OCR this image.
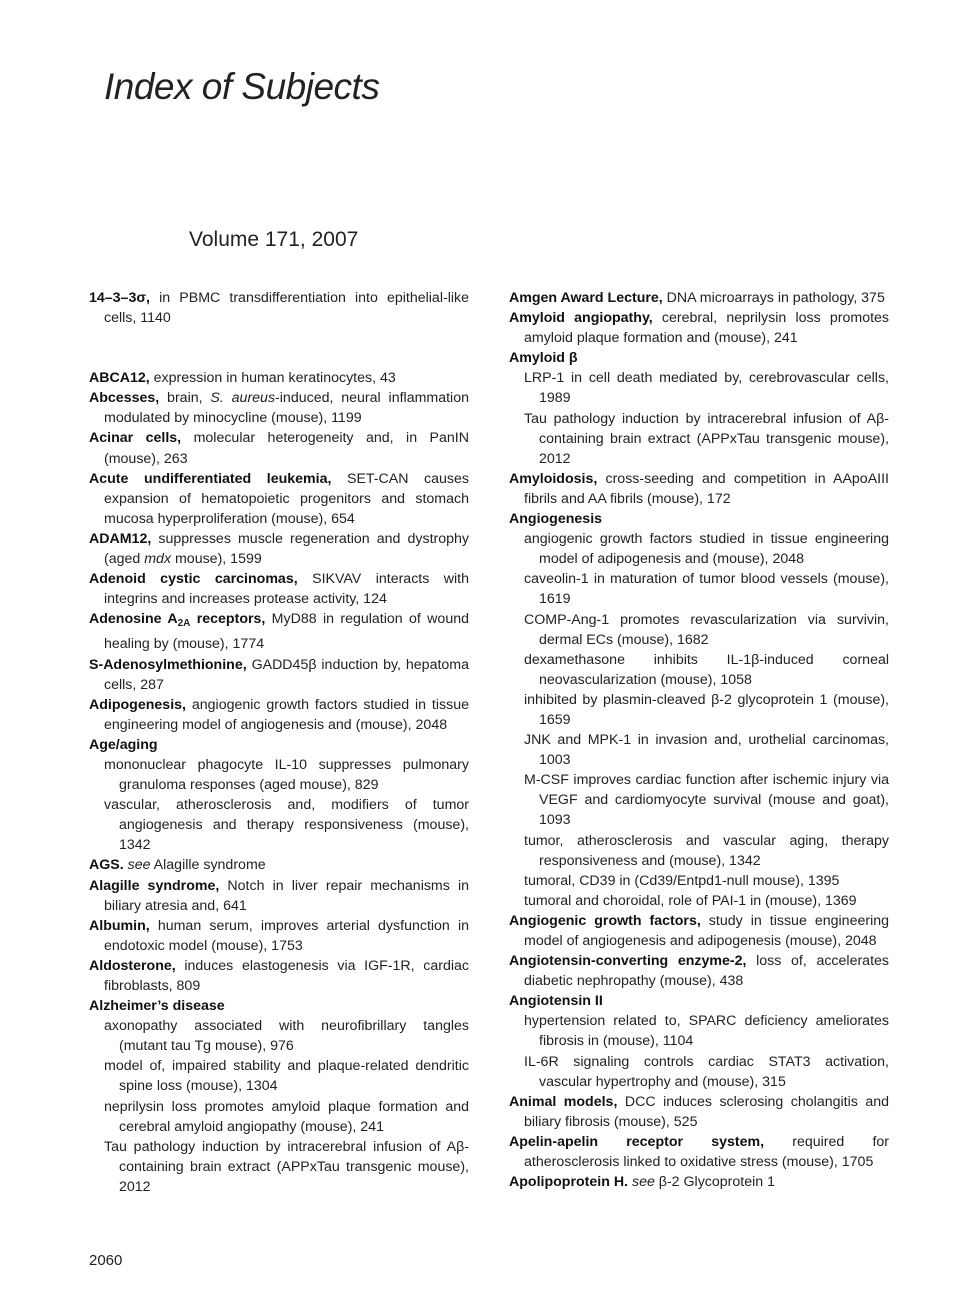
Index of Subjects
Volume 171, 2007
14–3–3σ, in PBMC transdifferentiation into epithelial-like cells, 1140
ABCA12, expression in human keratinocytes, 43
Abcesses, brain, S. aureus-induced, neural inflammation modulated by minocycline (mouse), 1199
Acinar cells, molecular heterogeneity and, in PanIN (mouse), 263
Acute undifferentiated leukemia, SET-CAN causes expansion of hematopoietic progenitors and stomach mucosa hyperproliferation (mouse), 654
ADAM12, suppresses muscle regeneration and dystrophy (aged mdx mouse), 1599
Adenoid cystic carcinomas, SIKVAV interacts with integrins and increases protease activity, 124
Adenosine $A_{2A}$ receptors, MyD88 in regulation of wound healing by (mouse), 1774
S-Adenosylmethionine, GADD45β induction by, hepatoma cells, 287
Adipogenesis, angiogenic growth factors studied in tissue engineering model of angiogenesis and (mouse), 2048
Age/aging
mononuclear phagocyte IL-10 suppresses pulmonary granuloma responses (aged mouse), 829
vascular, atherosclerosis and, modifiers of tumor angiogenesis and therapy responsiveness (mouse), 1342
AGS. see Alagille syndrome
Alagille syndrome, Notch in liver repair mechanisms in biliary atresia and, 641
Albumin, human serum, improves arterial dysfunction in endotoxic model (mouse), 1753
Aldosterone, induces elastogenesis via IGF-1R, cardiac fibroblasts, 809
Alzheimer’s disease
axonopathy associated with neurofibrillary tangles (mutant tau Tg mouse), 976
model of, impaired stability and plaque-related dendritic spine loss (mouse), 1304
neprilysin loss promotes amyloid plaque formation and cerebral amyloid angiopathy (mouse), 241
Tau pathology induction by intracerebral infusion of Aβ-containing brain extract (APPxTau transgenic mouse), 2012
Amgen Award Lecture, DNA microarrays in pathology, 375
Amyloid angiopathy, cerebral, neprilysin loss promotes amyloid plaque formation and (mouse), 241
Amyloid β
LRP-1 in cell death mediated by, cerebrovascular cells, 1989
Tau pathology induction by intracerebral infusion of Aβ-containing brain extract (APPxTau transgenic mouse), 2012
Amyloidosis, cross-seeding and competition in AApoAIII fibrils and AA fibrils (mouse), 172
Angiogenesis
angiogenic growth factors studied in tissue engineering model of adipogenesis and (mouse), 2048
caveolin-1 in maturation of tumor blood vessels (mouse), 1619
COMP-Ang-1 promotes revascularization via survivin, dermal ECs (mouse), 1682
dexamethasone inhibits IL-1β-induced corneal neovascularization (mouse), 1058
inhibited by plasmin-cleaved β-2 glycoprotein 1 (mouse), 1659
JNK and MPK-1 in invasion and, urothelial carcinomas, 1003
M-CSF improves cardiac function after ischemic injury via VEGF and cardiomyocyte survival (mouse and goat), 1093
tumor, atherosclerosis and vascular aging, therapy responsiveness and (mouse), 1342
tumoral, CD39 in (Cd39/Entpd1-null mouse), 1395
tumoral and choroidal, role of PAI-1 in (mouse), 1369
Angiogenic growth factors, study in tissue engineering model of angiogenesis and adipogenesis (mouse), 2048
Angiotensin-converting enzyme-2, loss of, accelerates diabetic nephropathy (mouse), 438
Angiotensin II
hypertension related to, SPARC deficiency ameliorates fibrosis in (mouse), 1104
IL-6R signaling controls cardiac STAT3 activation, vascular hypertrophy and (mouse), 315
Animal models, DCC induces sclerosing cholangitis and biliary fibrosis (mouse), 525
Apelin-apelin receptor system, required for atherosclerosis linked to oxidative stress (mouse), 1705
Apolipoprotein H. see β-2 Glycoprotein 1
2060
